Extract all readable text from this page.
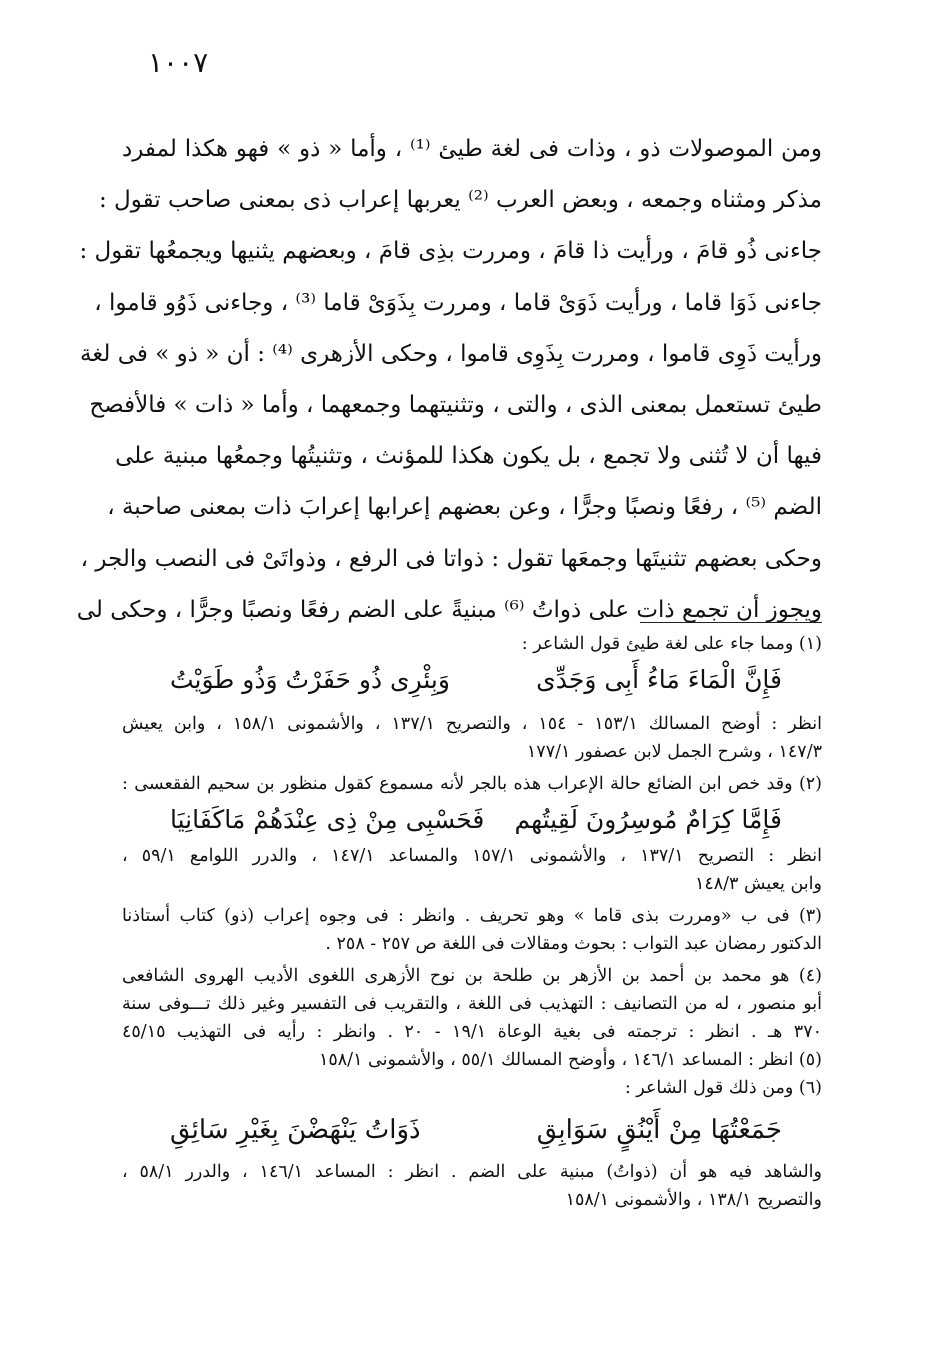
١٠٠٧
ومن الموصولات ذو ، وذات فى لغة طيئ ⁽¹⁾ ، وأما « ذو » فهو هكذا لمفرد
مذكر ومثناه وجمعه ، وبعض العرب ⁽²⁾ يعربها إعراب ذى بمعنى صاحب تقول :
جاءنى ذُو قامَ ، ورأيت ذا قامَ ، ومررت بذِى قامَ ، وبعضهم يثنيها ويجمعُها تقول :
جاءنى ذَوَا قاما ، ورأيت ذَوَىْ قاما ، ومررت بِذَوَىْ قاما ⁽³⁾ ، وجاءنى ذَوُو قاموا ،
ورأيت ذَوِى قاموا ، ومررت بِذَوِى قاموا ، وحكى الأزهرى ⁽⁴⁾ : أن « ذو » فى لغة
طيئ تستعمل بمعنى الذى ، والتى ، وتثنيتهما وجمعهما ، وأما « ذات » فالأفصح
فيها أن لا تُثنى ولا تجمع ، بل يكون هكذا للمؤنث ، وتثنيتُها وجمعُها مبنية على
الضم ⁽⁵⁾ ، رفعًا ونصبًا وجرًّا ، وعن بعضهم إعرابها إعرابَ ذات بمعنى صاحبة ،
وحكى بعضهم تثنيتَها وجمعَها تقول : ذواتا فى الرفع ، وذواتَىْ فى النصب والجر ،
ويجوز أن تجمع ذات على ذواتُ ⁽⁶⁾ مبنيةً على الضم رفعًا ونصبًا وجرًّا ، وحكى لى
(١) ومما جاء على لغة طيئ قول الشاعر :
فَإِنَّ الْمَاءَ مَاءُ أَبِى وَجَدِّى
وَبِئْرِى ذُو حَفَرْتُ وَذُو طَوَيْتُ
انظر : أوضح المسالك ١٥٣/١ - ١٥٤ ، والتصريح ١٣٧/١ ، والأشمونى ١٥٨/١ ، وابن يعيش
١٤٧/٣ ، وشرح الجمل لابن عصفور ١٧٧/١
(٢) وقد خص ابن الضائع حالة الإعراب هذه بالجر لأنه مسموع كقول منظور بن سحيم الفقعسى :
فَإِمَّا كِرَامٌ مُوسِرُونَ لَقِيتُهم
فَحَسْبِى مِنْ ذِى عِنْدَهُمْ مَاكَفَانِيَا
انظر : التصريح ١٣٧/١ ، والأشمونى ١٥٧/١ والمساعد ١٤٧/١ ، والدرر اللوامع ٥٩/١ ،
وابن يعيش ١٤٨/٣
(٣) فى ب «ومررت بذى قاما » وهو تحريف . وانظر : فى وجوه إعراب (ذو) كتاب أستاذنا
الدكتور رمضان عبد التواب : بحوث ومقالات فى اللغة ص ٢٥٧ - ٢٥٨ .
(٤) هو محمد بن أحمد بن الأزهر بن طلحة بن نوح الأزهرى اللغوى الأديب الهروى الشافعى
أبو منصور ، له من التصانيف : التهذيب فى اللغة ، والتقريب فى التفسير وغير ذلك تـــوفى سنة
٣٧٠ هـ . انظر : ترجمته فى بغية الوعاة ١٩/١ - ٢٠ . وانظر : رأيه فى التهذيب ٤٥/١٥
(٥) انظر : المساعد ١٤٦/١ ، وأوضح المسالك ٥٥/١ ، والأشمونى ١٥٨/١
(٦) ومن ذلك قول الشاعر :
جَمَعْتُهَا مِنْ أَيْنُقٍ سَوَابِقِ
ذَوَاتُ يَنْهَضْنَ بِغَيْرِ سَائِقِ
والشاهد فيه هو أن (ذواتُ) مبنية على الضم . انظر : المساعد ١٤٦/١ ، والدرر ٥٨/١ ،
والتصريح ١٣٨/١ ، والأشمونى ١٥٨/١
